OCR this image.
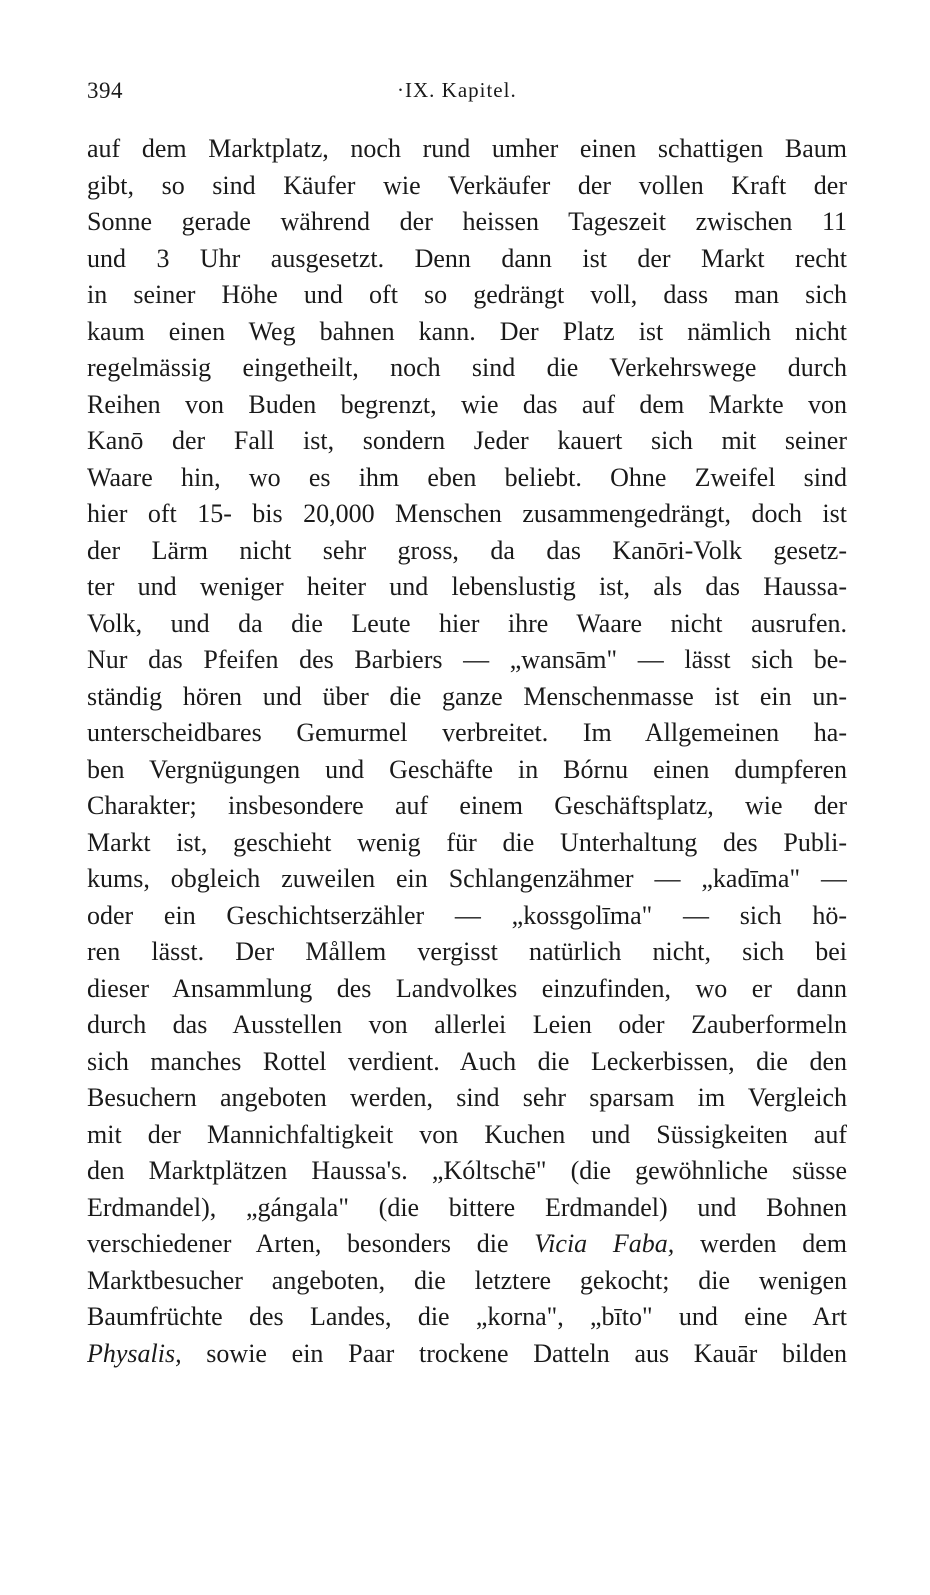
394	·IX. Kapitel.
auf dem Marktplatz, noch rund umher einen schattigen Baum
gibt, so sind Käufer wie Verkäufer der vollen Kraft der
Sonne gerade während der heissen Tageszeit zwischen 11
und 3 Uhr ausgesetzt. Denn dann ist der Markt recht
in seiner Höhe und oft so gedrängt voll, dass man sich
kaum einen Weg bahnen kann. Der Platz ist nämlich nicht
regelmässig eingetheilt, noch sind die Verkehrswege durch
Reihen von Buden begrenzt, wie das auf dem Markte von
Kanō der Fall ist, sondern Jeder kauert sich mit seiner
Waare hin, wo es ihm eben beliebt. Ohne Zweifel sind
hier oft 15- bis 20,000 Menschen zusammengedrängt, doch ist
der Lärm nicht sehr gross, da das Kanōri-Volk gesetz-
ter und weniger heiter und lebenslustig ist, als das Haussa-
Volk, und da die Leute hier ihre Waare nicht ausrufen.
Nur das Pfeifen des Barbiers — „wansām" — lässt sich be-
ständig hören und über die ganze Menschenmasse ist ein un-
unterscheidbares Gemurmel verbreitet. Im Allgemeinen ha-
ben Vergnügungen und Geschäfte in Bórnu einen dumpferen
Charakter; insbesondere auf einem Geschäftsplatz, wie der
Markt ist, geschieht wenig für die Unterhaltung des Publi-
kums, obgleich zuweilen ein Schlangenzähmer — „kadīma" —
oder ein Geschichtserzähler — „kossgolīma" — sich hö-
ren lässt. Der Mållem vergisst natürlich nicht, sich bei
dieser Ansammlung des Landvolkes einzufinden, wo er dann
durch das Ausstellen von allerlei Leien oder Zauberformeln
sich manches Rottel verdient. Auch die Leckerbissen, die den
Besuchern angeboten werden, sind sehr sparsam im Vergleich
mit der Mannichfaltigkeit von Kuchen und Süssigkeiten auf
den Marktplätzen Haussa's. „Kóltschē" (die gewöhnliche süsse
Erdmandel), „gángala" (die bittere Erdmandel) und Bohnen
verschiedener Arten, besonders die Vicia Faba, werden dem
Marktbesucher angeboten, die letztere gekocht; die wenigen
Baumfrüchte des Landes, die „korna", „bīto" und eine Art
Physalis, sowie ein Paar trockene Datteln aus Kauār bilden
